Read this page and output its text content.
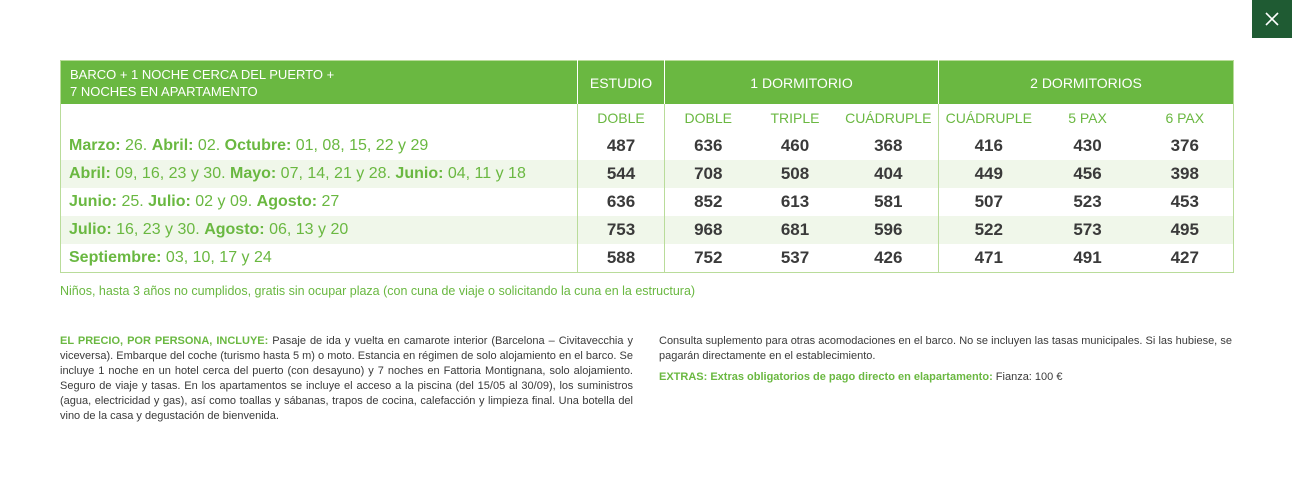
BARCO + 1 NOCHE CERCA DEL PUERTO +
7 NOCHES EN APARTAMENTO	ESTUDIO	1 DORMITORIO			2 DORMITORIOS		
	DOBLE	DOBLE	TRIPLE	CUÁDRUPLE	CUÁDRUPLE	5 PAX	6 PAX
Marzo: 26. Abril: 02. Octubre: 01, 08, 15, 22 y 29	487	636	460	368	416	430	376
Abril: 09, 16, 23 y 30. Mayo: 07, 14, 21 y 28. Junio: 04, 11 y 18	544	708	508	404	449	456	398
Junio: 25. Julio: 02 y 09. Agosto: 27	636	852	613	581	507	523	453
Julio: 16, 23 y 30. Agosto: 06, 13 y 20	753	968	681	596	522	573	495
Septiembre: 03, 10, 17 y 24	588	752	537	426	471	491	427
Niños, hasta 3 años no cumplidos, gratis sin ocupar plaza (con cuna de viaje o solicitando la cuna en la estructura)
EL PRECIO, POR PERSONA, INCLUYE: Pasaje de ida y vuelta en camarote interior (Barcelona – Civitavecchia y viceversa). Embarque del coche (turismo hasta 5 m) o moto. Estancia en régimen de solo alojamiento en el barco. Se incluye 1 noche en un hotel cerca del puerto (con desayuno) y 7 noches en Fattoria Montignana, solo alojamiento. Seguro de viaje y tasas. En los apartamentos se incluye el acceso a la piscina (del 15/05 al 30/09), los suministros (agua, electricidad y gas), así como toallas y sábanas, trapos de cocina, calefacción y limpieza final. Una botella del vino de la casa y degustación de bienvenida.

Consulta suplemento para otras acomodaciones en el barco. No se incluyen las tasas municipales. Si las hubiese, se pagarán directamente en el establecimiento.

EXTRAS: Extras obligatorios de pago directo en elapartamento: Fianza: 100 €
